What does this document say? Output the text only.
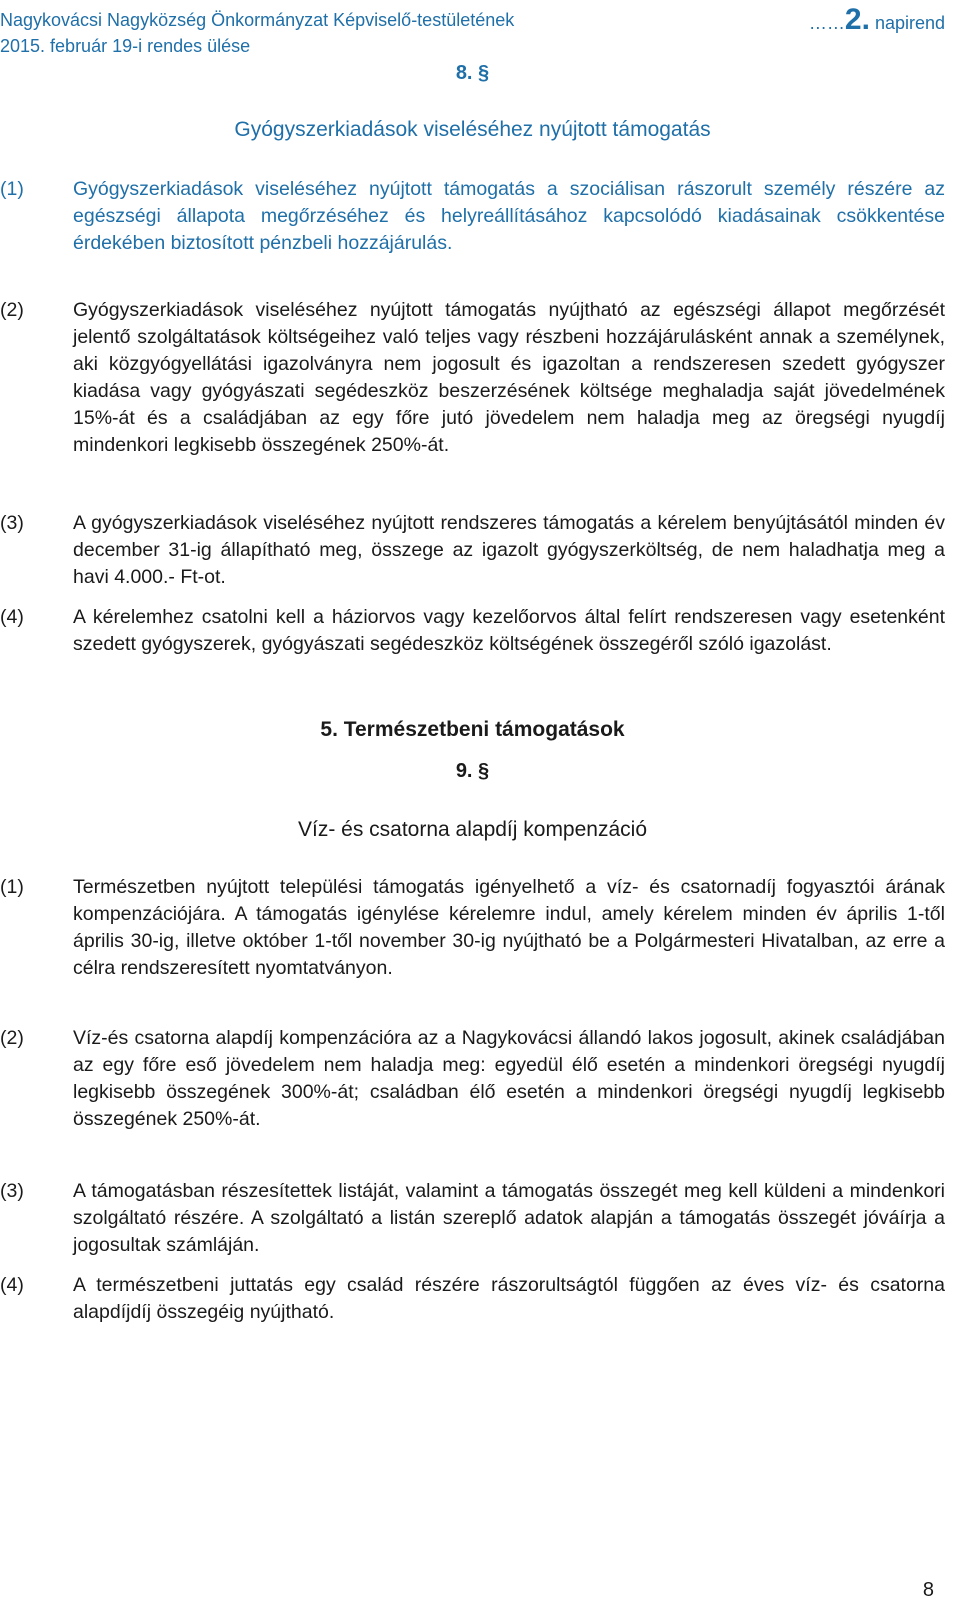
Nagykovácsi Nagyközség Önkormányzat Képviselő-testületének	……2. napirend
2015. február 19-i rendes ülése
8. §
Gyógyszerkiadások viseléséhez nyújtott támogatás
(1)	Gyógyszerkiadások viseléséhez nyújtott támogatás a szociálisan rászorult személy részére az egészségi állapota megőrzéséhez és helyreállításához kapcsolódó kiadásainak csökkentése érdekében biztosított pénzbeli hozzájárulás.
(2)	Gyógyszerkiadások viseléséhez nyújtott támogatás nyújtható az egészségi állapot megőrzését jelentő szolgáltatások költségeihez való teljes vagy részbeni hozzájárulásként annak a személynek, aki közgyógyellátási igazolványra nem jogosult és igazoltan a rendszeresen szedett gyógyszer kiadása vagy gyógyászati segédeszköz beszerzésének költsége meghaladja saját jövedelmének 15%-át és a családjában az egy főre jutó jövedelem nem haladja meg az öregségi nyugdíj mindenkori legkisebb összegének 250%-át.
(3)	A gyógyszerkiadások viseléséhez nyújtott rendszeres támogatás a kérelem benyújtásától minden év december 31-ig állapítható meg, összege az igazolt gyógyszerköltség, de nem haladhatja meg a havi 4.000.- Ft-ot.
(4)	A kérelemhez csatolni kell a háziorvos vagy kezelőorvos által felírt rendszeresen vagy esetenként szedett gyógyszerek, gyógyászati segédeszköz költségének összegéről szóló igazolást.
5. Természetbeni támogatások
9. §
Víz- és csatorna alapdíj kompenzáció
(1)	Természetben nyújtott települési támogatás igényelhető a víz- és csatornadíj fogyasztói árának kompenzációjára. A támogatás igénylése kérelemre indul, amely kérelem minden év április 1-től április 30-ig, illetve október 1-től november 30-ig nyújtható be a Polgármesteri Hivatalban, az erre a célra rendszeresített nyomtatványon.
(2)	Víz-és csatorna alapdíj kompenzációra az a Nagykovácsi állandó lakos jogosult, akinek családjában az egy főre eső jövedelem nem haladja meg: egyedül élő esetén a mindenkori öregségi nyugdíj legkisebb összegének 300%-át; családban élő esetén a mindenkori öregségi nyugdíj legkisebb összegének 250%-át.
(3)	A támogatásban részesítettek listáját, valamint a támogatás összegét meg kell küldeni a mindenkori szolgáltató részére. A szolgáltató a listán szereplő adatok alapján a támogatás összegét jóváírja a jogosultak számláján.
(4)	A természetbeni juttatás egy család részére rászorultságtól függően az éves víz- és csatorna alapdíjdíj összegéig nyújtható.
8
